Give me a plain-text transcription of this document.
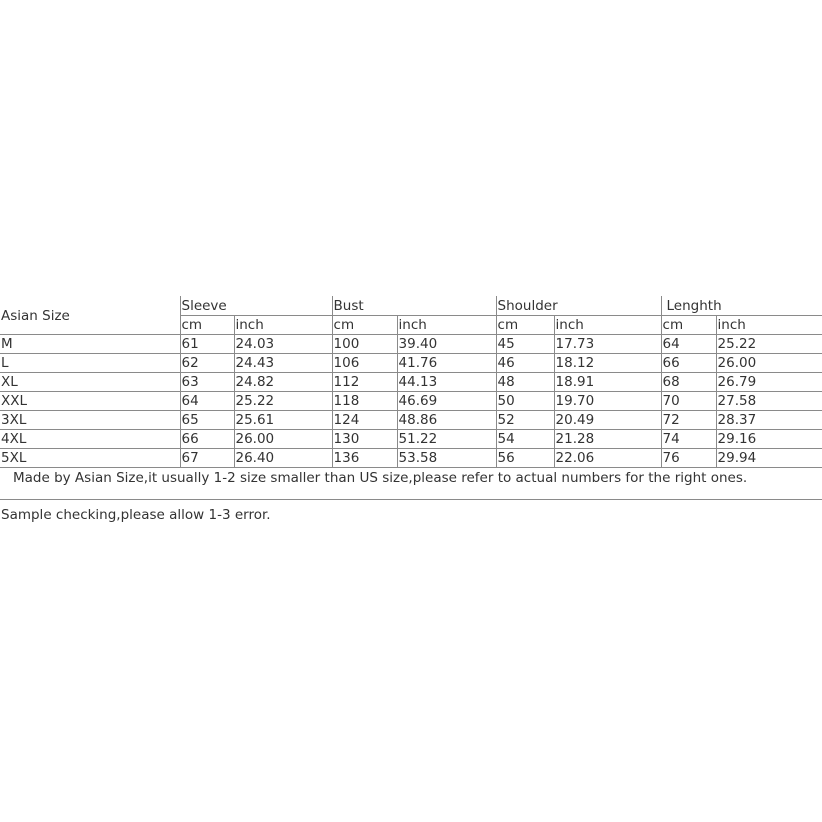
Asian Size	Sleeve		Bust		Shoulder		Lenghth	
	cm	inch	cm	inch	cm	inch	cm	inch
M	61	24.03	100	39.40	45	17.73	64	25.22
L	62	24.43	106	41.76	46	18.12	66	26.00
XL	63	24.82	112	44.13	48	18.91	68	26.79
XXL	64	25.22	118	46.69	50	19.70	70	27.58
3XL	65	25.61	124	48.86	52	20.49	72	28.37
4XL	66	26.00	130	51.22	54	21.28	74	29.16
5XL	67	26.40	136	53.58	56	22.06	76	29.94
Made by Asian Size,it usually 1-2 size smaller than US size,please refer to actual numbers for the right ones.								
Sample checking,please allow 1-3 error.
